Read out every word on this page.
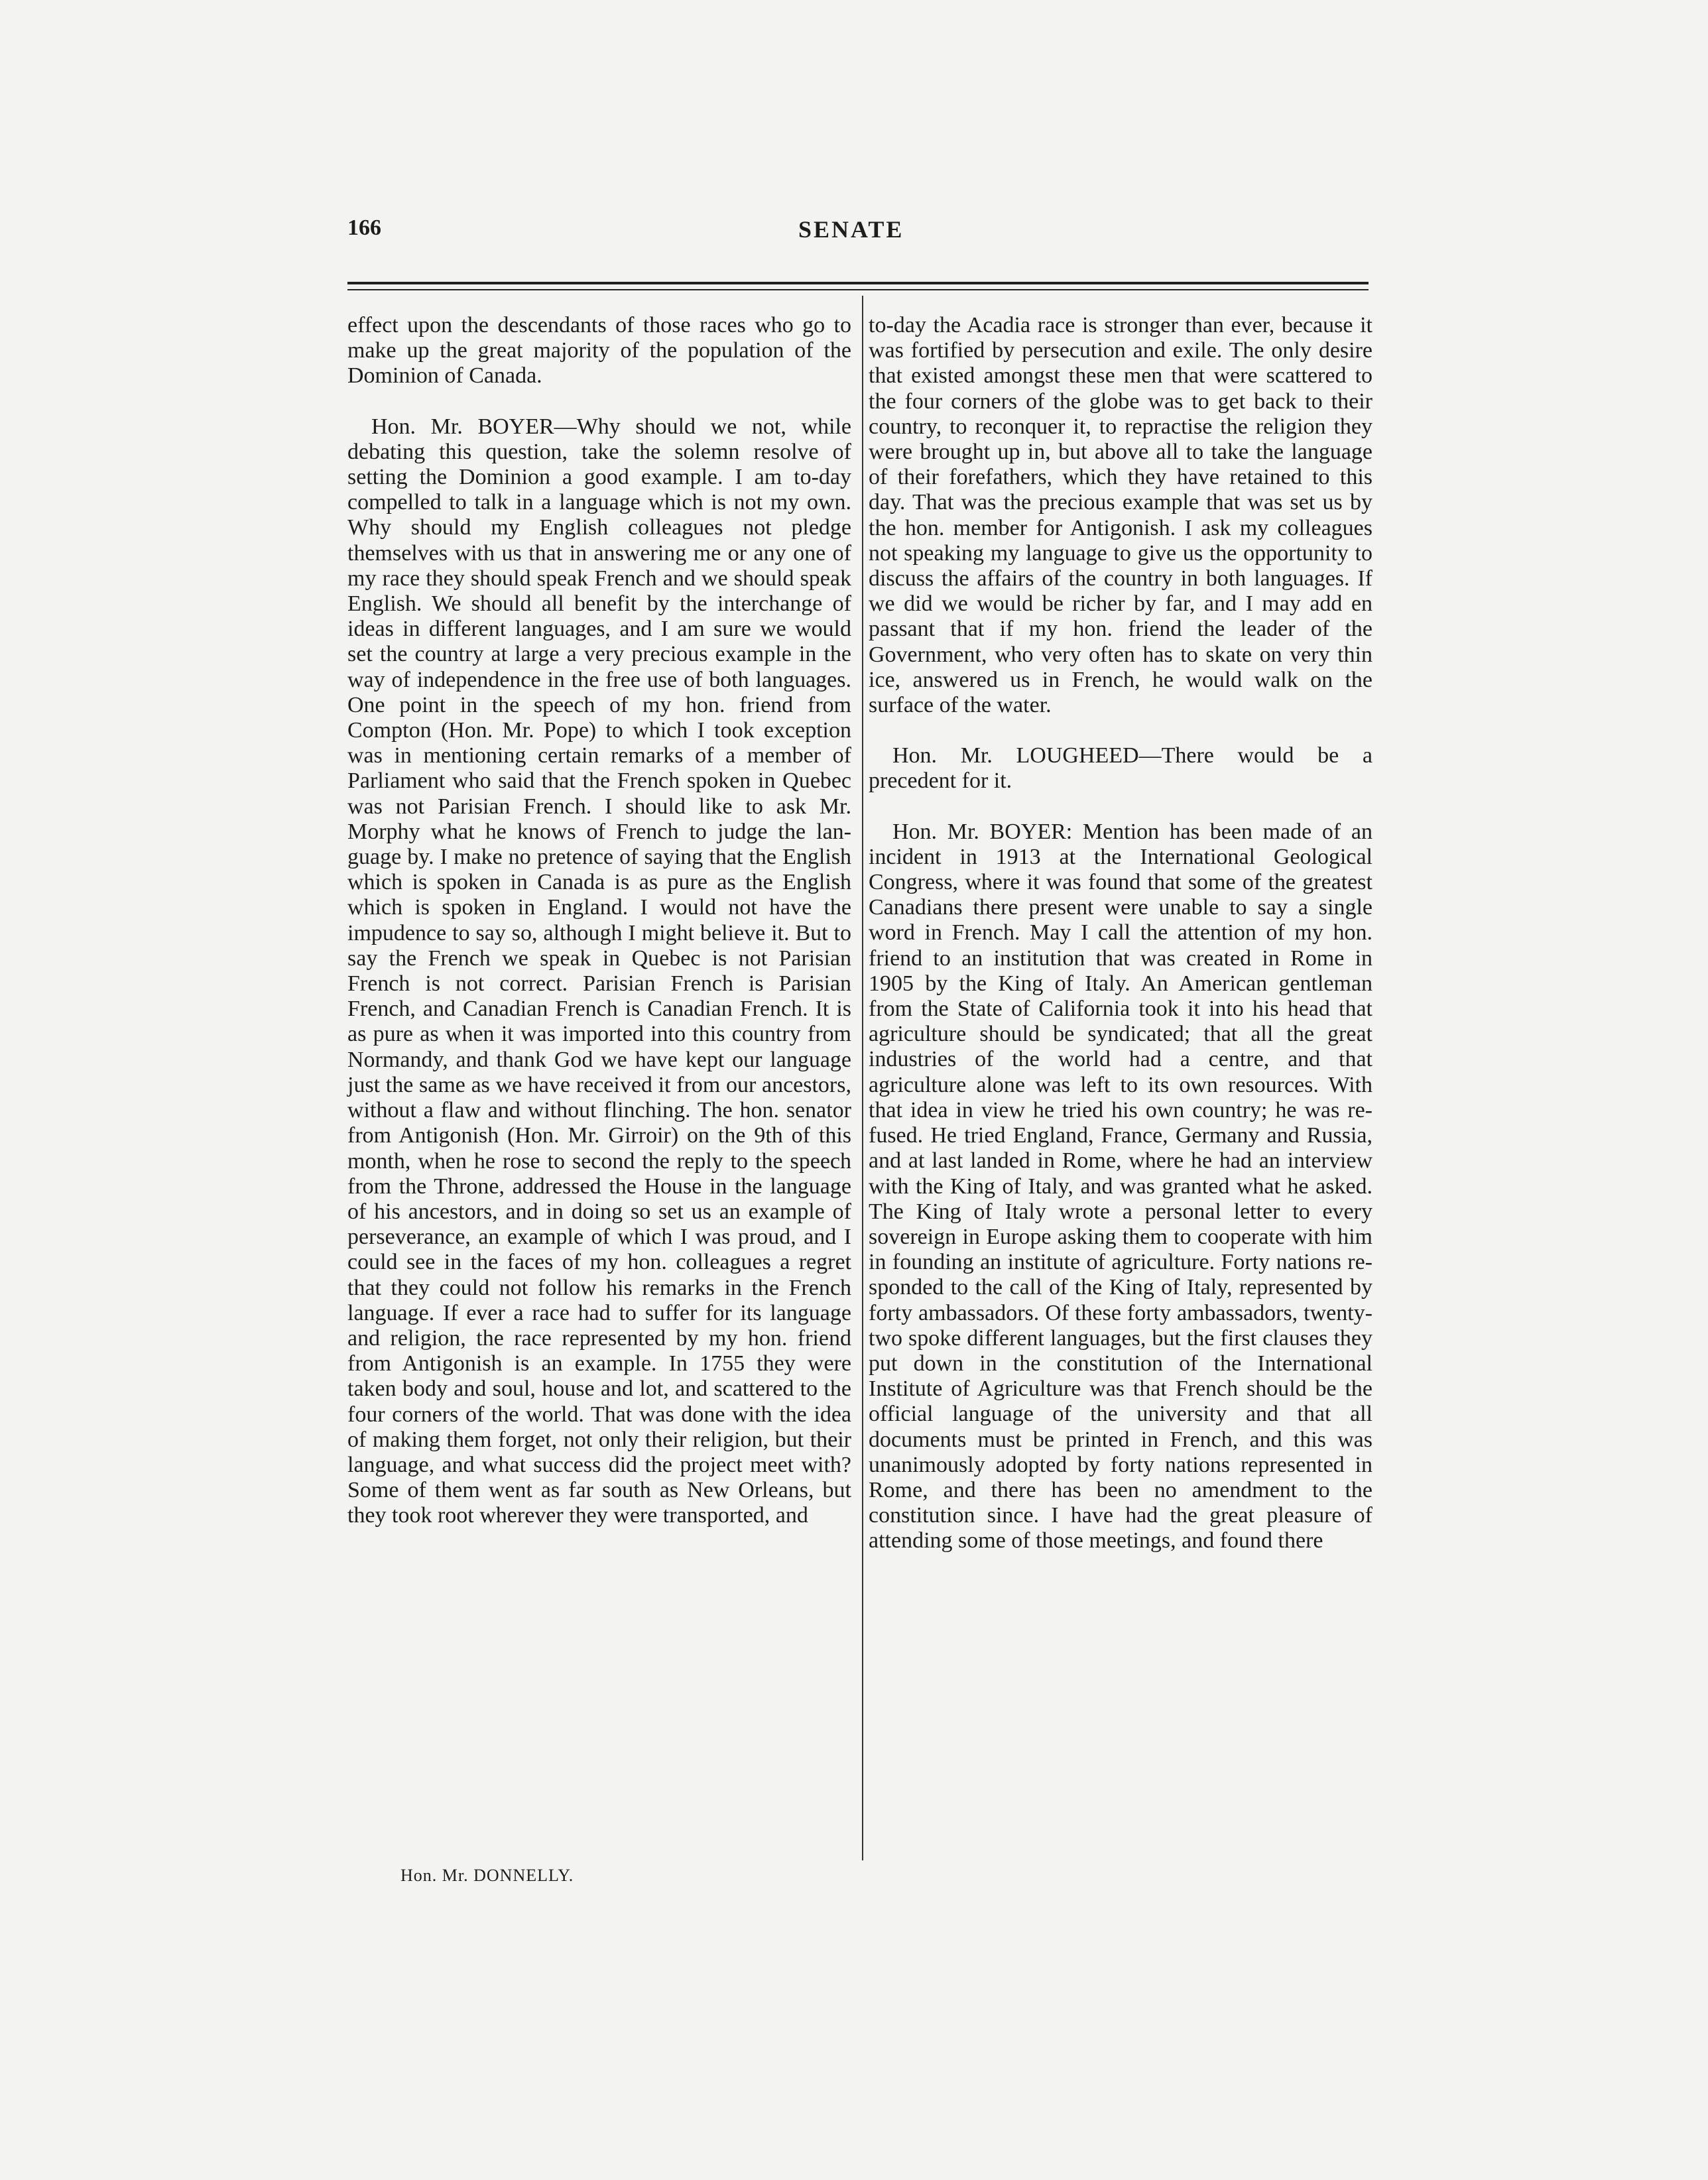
166	SENATE

effect upon the descendants of those races who go to make up the great majority of the population of the Dominion of Canada.

Hon. Mr. BOYER—Why should we not, while debating this question, take the solemn resolve of setting the Dominion a good example. I am to-day compelled to talk in a language which is not my own. Why should my English colleagues not pledge themselves with us that in answering me or any one of my race they should speak French and we should speak English. We should all benefit by the interchange of ideas in different languages, and I am sure we would set the country at large a very precious example in the way of independence in the free use of both languages. One point in the speech of my hon. friend from Compton (Hon. Mr. Pope) to which I took exception was in mentioning certain remarks of a member of Parliament who said that the French spoken in Quebec was not Parisian French. I should like to ask Mr. Morphy what he knows of French to judge the language by. I make no pretence of saying that the English which is spoken in Canada is as pure as the English which is spoken in England. I would not have the impudence to say so, although I might believe it. But to say the French we speak in Quebec is not Parisian French is not correct. Parisian French is Parisian French, and Canadian French is Canadian French. It is as pure as when it was imported into this country from Normandy, and thank God we have kept our language just the same as we have received it from our ancestors, without a flaw and without flinching. The hon. senator from Antigonish (Hon. Mr. Girroir) on the 9th of this month, when he rose to second the reply to the speech from the Throne, addressed the House in the language of his ancestors, and in doing so set us an example of perseverance, an example of which I was proud, and I could see in the faces of my hon. colleagues a regret that they could not follow his remarks in the French language. If ever a race had to suffer for its language and religion, the race represented by my hon. friend from Antigonish is an example. In 1755 they were taken body and soul, house and lot, and scattered to the four corners of the world. That was done with the idea of making them forget, not only their religion, but their language, and what success did the project meet with? Some of them went as far south as New Orleans, but they took root wherever they were transported, and

to-day the Acadia race is stronger than ever, because it was fortified by persecution and exile. The only desire that existed amongst these men that were scattered to the four corners of the globe was to get back to their country, to reconquer it, to repractise the religion they were brought up in, but above all to take the language of their forefathers, which they have retained to this day. That was the precious example that was set us by the hon. member for Antigonish. I ask my colleagues not speaking my language to give us the opportunity to discuss the affairs of the country in both languages. If we did we would be richer by far, and I may add en passant that if my hon. friend the leader of the Government, who very often has to skate on very thin ice, answered us in French, he would walk on the surface of the water.

Hon. Mr. LOUGHEED—There would be a precedent for it.

Hon. Mr. BOYER: Mention has been made of an incident in 1913 at the International Geological Congress, where it was found that some of the greatest Canadians there present were unable to say a single word in French. May I call the attention of my hon. friend to an institution that was created in Rome in 1905 by the King of Italy. An American gentleman from the State of California took it into his head that agriculture should be syndicated; that all the great industries of the world had a centre, and that agriculture alone was left to its own resources. With that idea in view he tried his own country; he was refused. He tried England, France, Germany and Russia, and at last landed in Rome, where he had an interview with the King of Italy, and was granted what he asked. The King of Italy wrote a personal letter to every sovereign in Europe asking them to cooperate with him in founding an institute of agriculture. Forty nations responded to the call of the King of Italy, represented by forty ambassadors. Of these forty ambassadors, twenty-two spoke different languages, but the first clauses they put down in the constitution of the International Institute of Agriculture was that French should be the official language of the university and that all documents must be printed in French, and this was unanimously adopted by forty nations represented in Rome, and there has been no amendment to the constitution since. I have had the great pleasure of attending some of those meetings, and found there

Hon. Mr. DONNELLY.
